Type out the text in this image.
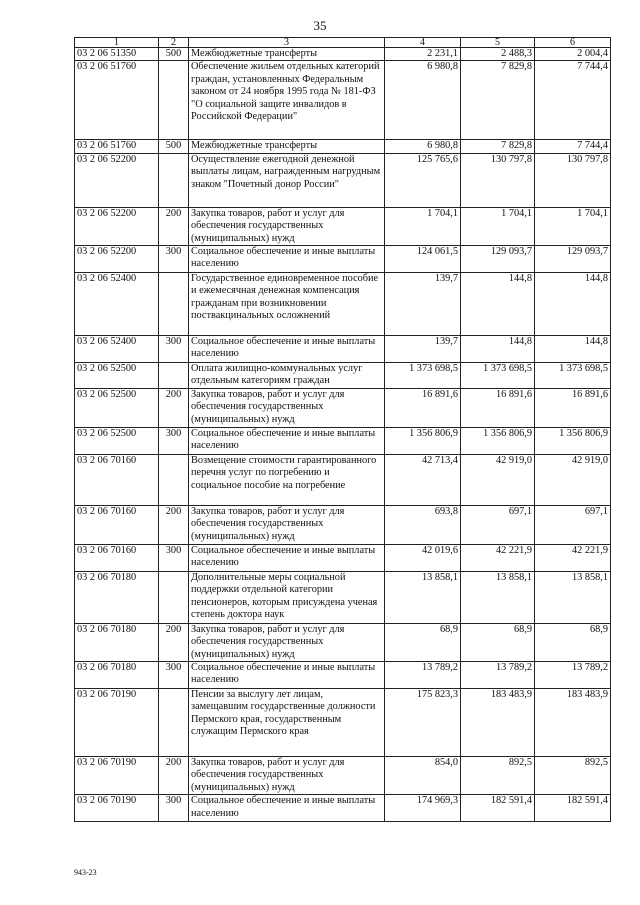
35
1	2	3	4	5	6
03 2 06 51350	500	Межбюджетные трансферты	2 231,1	2 488,3	2 004,4
03 2 06 51760		Обеспечение жильем отдельных категорий граждан, установленных Федеральным законом от 24 ноября 1995 года № 181-ФЗ "О социальной защите инвалидов в Российской Федерации"	6 980,8	7 829,8	7 744,4
03 2 06 51760	500	Межбюджетные трансферты	6 980,8	7 829,8	7 744,4
03 2 06 52200		Осуществление ежегодной денежной выплаты лицам, награжденным нагрудным знаком "Почетный донор России"	125 765,6	130 797,8	130 797,8
03 2 06 52200	200	Закупка товаров, работ и услуг для обеспечения государственных (муниципальных) нужд	1 704,1	1 704,1	1 704,1
03 2 06 52200	300	Социальное обеспечение и иные выплаты населению	124 061,5	129 093,7	129 093,7
03 2 06 52400		Государственное единовременное пособие и ежемесячная денежная компенсация гражданам при возникновении поствакцинальных осложнений	139,7	144,8	144,8
03 2 06 52400	300	Социальное обеспечение и иные выплаты населению	139,7	144,8	144,8
03 2 06 52500		Оплата жилищно-коммунальных услуг отдельным категориям граждан	1 373 698,5	1 373 698,5	1 373 698,5
03 2 06 52500	200	Закупка товаров, работ и услуг для обеспечения государственных (муниципальных) нужд	16 891,6	16 891,6	16 891,6
03 2 06 52500	300	Социальное обеспечение и иные выплаты населению	1 356 806,9	1 356 806,9	1 356 806,9
03 2 06 70160		Возмещение стоимости гарантированного перечня услуг по погребению и социальное пособие на погребение	42 713,4	42 919,0	42 919,0
03 2 06 70160	200	Закупка товаров, работ и услуг для обеспечения государственных (муниципальных) нужд	693,8	697,1	697,1
03 2 06 70160	300	Социальное обеспечение и иные выплаты населению	42 019,6	42 221,9	42 221,9
03 2 06 70180		Дополнительные меры социальной поддержки отдельной категории пенсионеров, которым присуждена ученая степень доктора наук	13 858,1	13 858,1	13 858,1
03 2 06 70180	200	Закупка товаров, работ и услуг для обеспечения государственных (муниципальных) нужд	68,9	68,9	68,9
03 2 06 70180	300	Социальное обеспечение и иные выплаты населению	13 789,2	13 789,2	13 789,2
03 2 06 70190		Пенсии за выслугу лет лицам, замещавшим государственные должности Пермского края, государственным служащим Пермского края	175 823,3	183 483,9	183 483,9
03 2 06 70190	200	Закупка товаров, работ и услуг для обеспечения государственных (муниципальных) нужд	854,0	892,5	892,5
03 2 06 70190	300	Социальное обеспечение и иные выплаты населению	174 969,3	182 591,4	182 591,4
943-23
